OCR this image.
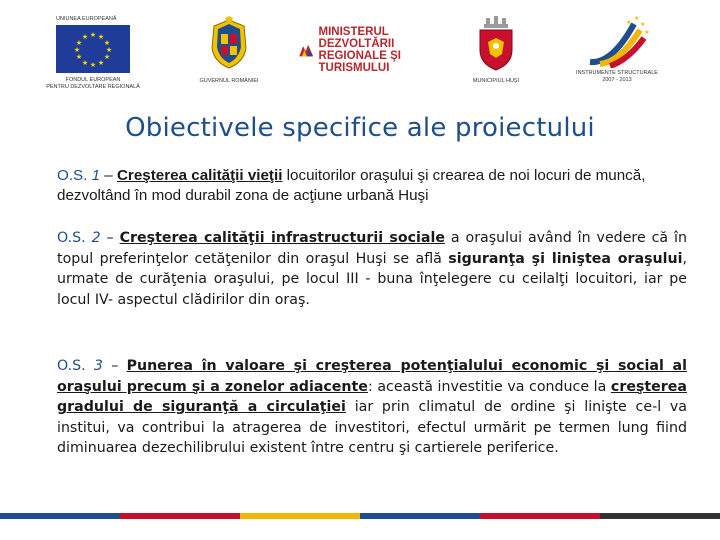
UNIUNEA EUROPEANĂ
★ ★
★
★
★
★
★
★
★
★
★
★
FONDUL EUROPEAN
PENTRU DEZVOLTARE REGIONALĂ
GUVERNUL ROMÂNIEI
MINISTERUL DEZVOLTĂRII
REGIONALE ŞI TURISMULUI
MUNICIPIUL HUŞI
★
★
★
★
INSTRUMENTE STRUCTURALE
2007 - 2013
Obiectivele specifice ale proiectului
O.S. 1 – Creşterea calităţii vieţii locuitorilor oraşului şi crearea de noi locuri de muncă, dezvoltând în mod durabil zona de acţiune urbană Huşi
O.S. 2 – Creşterea calităţii infrastructurii sociale a oraşului având în vedere că în topul preferinţelor cetăţenilor din oraşul Huşi se află siguranţa şi liniştea oraşului, urmate de curăţenia oraşului, pe locul III - buna înţelegere cu ceilalţi locuitori, iar pe locul IV- aspectul clădirilor din oraş.
O.S. 3 – Punerea în valoare şi creşterea potenţialului economic şi social al oraşului precum şi a zonelor adiacente: această investitie va conduce la creşterea gradului de siguranţă a circulaţiei iar prin climatul de ordine şi linişte ce-l va institui, va contribui la atragerea de investitori, efectul urmărit pe termen lung fiind diminuarea dezechilibrului existent între centru şi cartierele periferice.
